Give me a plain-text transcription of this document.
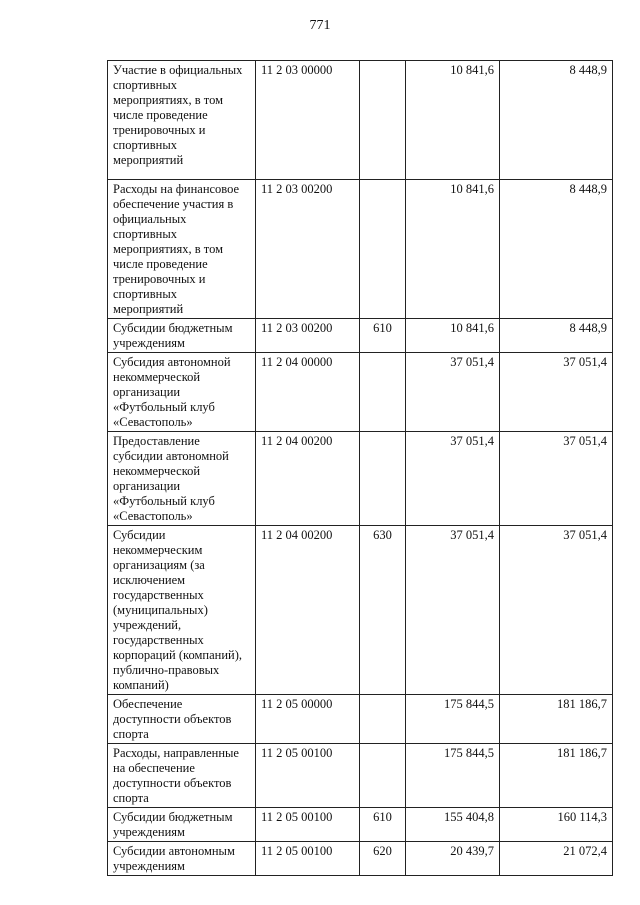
771
Участие в официальных спортивных мероприятиях, в том числе проведение тренировочных и спортивных мероприятий	11 2 03 00000		10 841,6	8 448,9
Расходы на финансовое обеспечение участия в официальных спортивных мероприятиях, в том числе проведение тренировочных и спортивных мероприятий	11 2 03 00200		10 841,6	8 448,9
Субсидии бюджетным учреждениям	11 2 03 00200	610	10 841,6	8 448,9
Субсидия автономной некоммерческой организации «Футбольный клуб «Севастополь»	11 2 04 00000		37 051,4	37 051,4
Предоставление субсидии автономной некоммерческой организации «Футбольный клуб «Севастополь»	11 2 04 00200		37 051,4	37 051,4
Субсидии некоммерческим организациям (за исключением государственных (муниципальных) учреждений, государственных корпораций (компаний), публично-правовых компаний)	11 2 04 00200	630	37 051,4	37 051,4
Обеспечение доступности объектов спорта	11 2 05 00000		175 844,5	181 186,7
Расходы, направленные на обеспечение доступности объектов спорта	11 2 05 00100		175 844,5	181 186,7
Субсидии бюджетным учреждениям	11 2 05 00100	610	155 404,8	160 114,3
Субсидии автономным учреждениям	11 2 05 00100	620	20 439,7	21 072,4
